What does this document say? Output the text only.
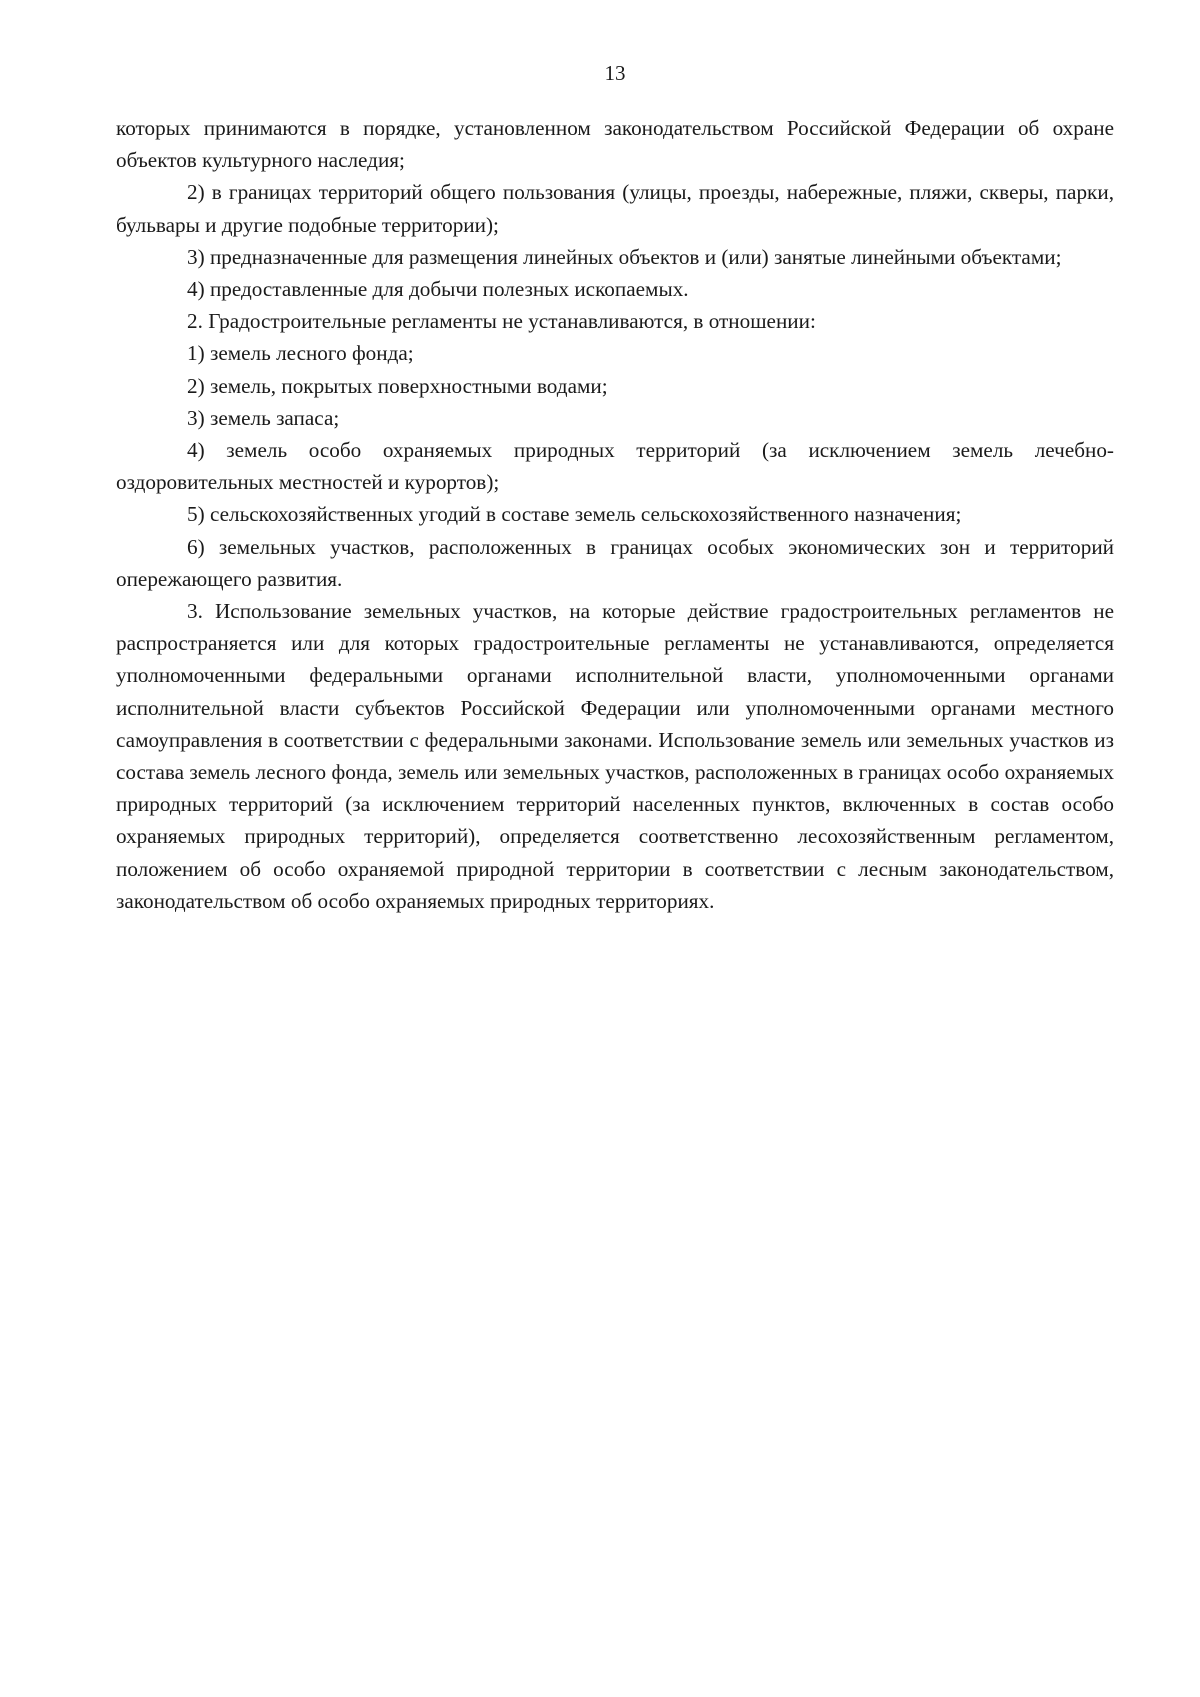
13

которых принимаются в порядке, установленном законодательством Российской Федерации об охране объектов культурного наследия;

2) в границах территорий общего пользования (улицы, проезды, набережные, пляжи, скверы, парки, бульвары и другие подобные территории);

3) предназначенные для размещения линейных объектов и (или) занятые линейными объектами;

4) предоставленные для добычи полезных ископаемых.

2. Градостроительные регламенты не устанавливаются, в отношении:

1) земель лесного фонда;

2) земель, покрытых поверхностными водами;

3) земель запаса;

4) земель особо охраняемых природных территорий (за исключением земель лечебно-оздоровительных местностей и курортов);

5) сельскохозяйственных угодий в составе земель сельскохозяйственного назначения;

6) земельных участков, расположенных в границах особых экономических зон и территорий опережающего развития.

3. Использование земельных участков, на которые действие градостроительных регламентов не распространяется или для которых градостроительные регламенты не устанавливаются, определяется уполномоченными федеральными органами исполнительной власти, уполномоченными органами исполнительной власти субъектов Российской Федерации или уполномоченными органами местного самоуправления в соответствии с федеральными законами. Использование земель или земельных участков из состава земель лесного фонда, земель или земельных участков, расположенных в границах особо охраняемых природных территорий (за исключением территорий населенных пунктов, включенных в состав особо охраняемых природных территорий), определяется соответственно лесохозяйственным регламентом, положением об особо охраняемой природной территории в соответствии с лесным законодательством, законодательством об особо охраняемых природных территориях.
